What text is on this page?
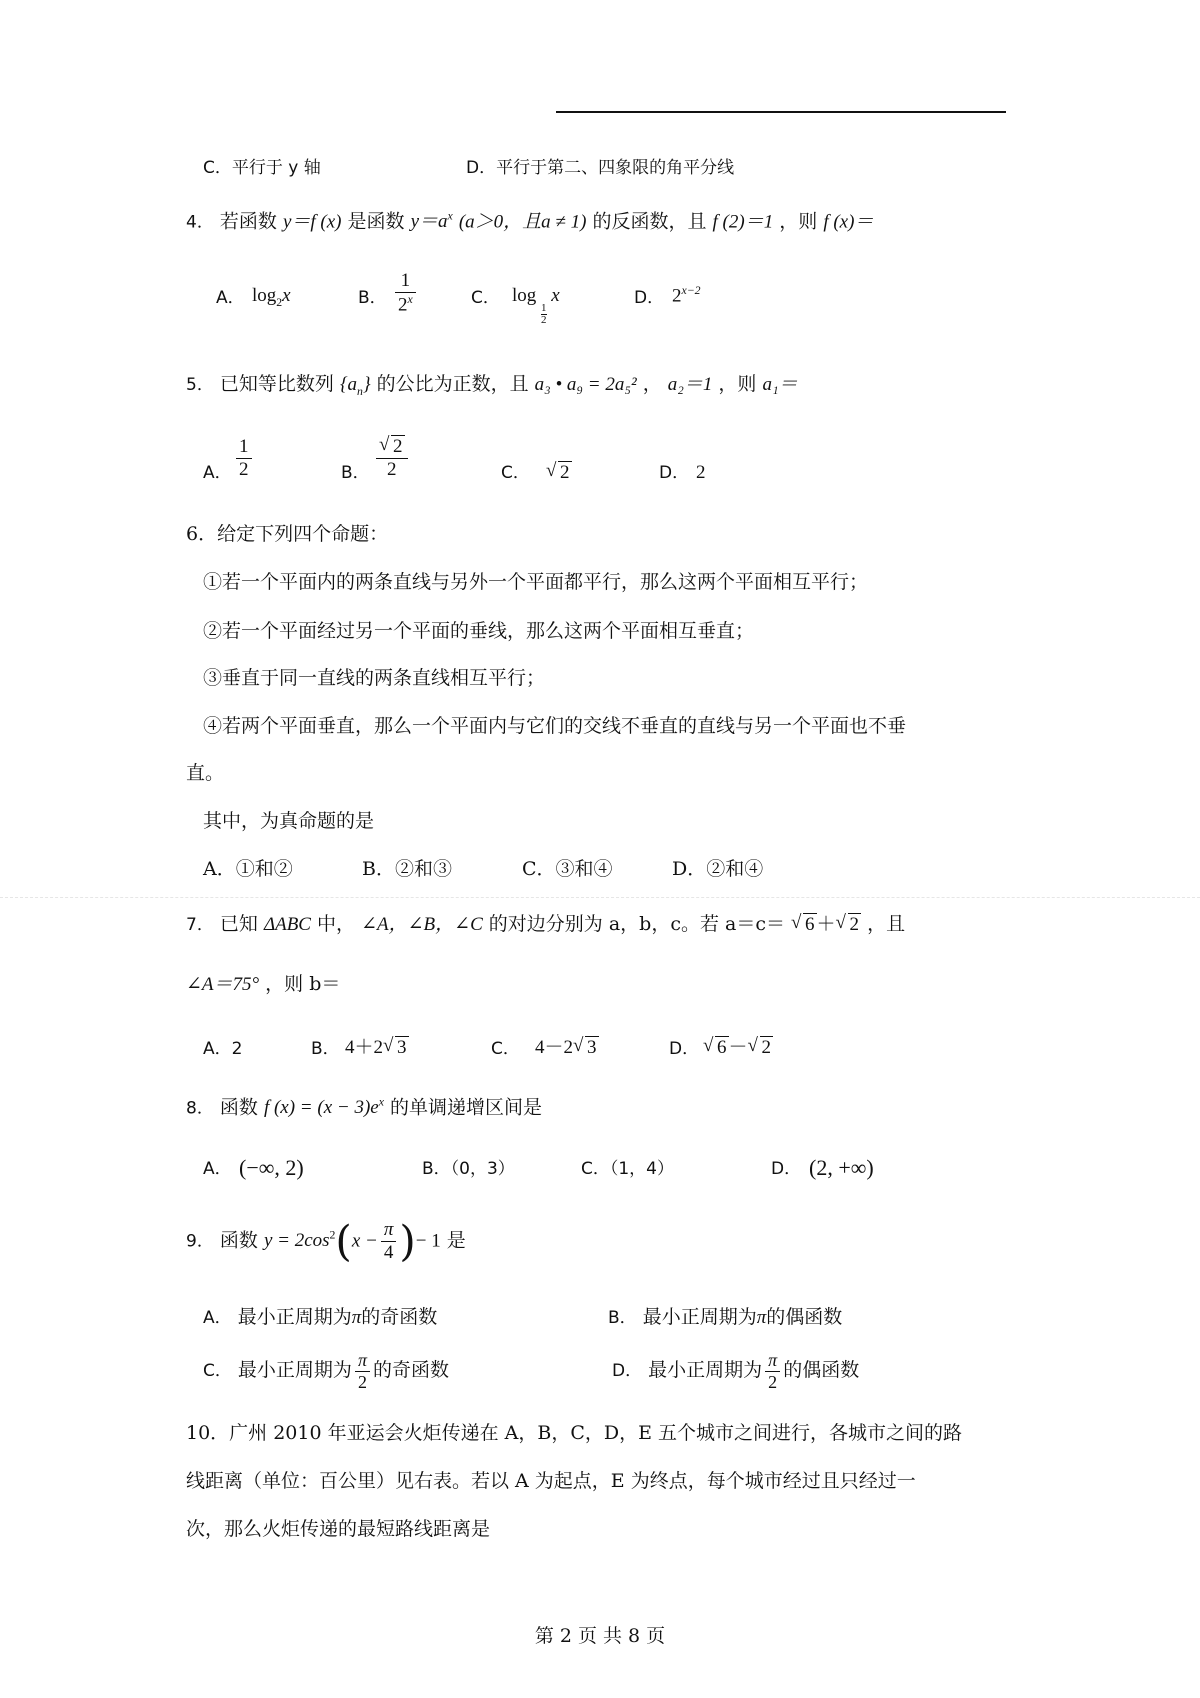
C．平行于 y 轴	D．平行于第二、四象限的角平分线
4． 若函数 y＝f (x) 是函数 $y=a^x$ (a＞0，且a ≠ 1) 的反函数，且 f (2)＝1 ，则 f (x)＝
A． $\log_2x$	B． $\frac{1}{2^x}$	C． log
$\frac{1}{2}$
x	D． $2^{x-2}$
5． 已知等比数列 $\{a_n\}$ 的公比为正数，且 a₃ • a₉ = 2a₅² ， a₂＝1 ，则 a₁＝
A． $\frac{1}{2}$	B． √ $\frac{2}{2}$	C．	√ 2	D． 2
6．给定下列四个命题：
①若一个平面内的两条直线与另外一个平面都平行，那么这两个平面相互平行；
②若一个平面经过另一个平面的垂线，那么这两个平面相互垂直；
③垂直于同一直线的两条直线相互平行；
④若两个平面垂直，那么一个平面内与它们的交线不垂直的直线与另一个平面也不垂
直。
其中，为真命题的是
A．①和②	B．②和③	C．③和④	D．②和④
7． 已知 ΔABC 中， ∠A，∠B，∠C 的对边分别为 a，b，c。若 a＝c＝ √ 6 ＋ √ 2 ，且
∠A＝75° ，则 b＝
A．2	B． 4＋2 √ 3	C． 4－2 √ 3	D． √ 6 － √ 2
8． 函数 f $(x) = (x - 3)e^x$ 的单调递增区间是
A． (−∞, 2)	B．（0，3）	C．（1，4）	D． (2, +∞)
9． 函数 $y = 2\cos^2(x - \frac{\pi}{4}$ )− 1 是
A． 最小正周期为π的奇函数	B． 最小正周期为π的偶函数
C． 最小正周期为 $\frac{\pi}{2}$ 的奇函数	D． 最小正周期为 $\frac{\pi}{2}$ 的偶函数
10．广州 2010 年亚运会火炬传递在 A，B，C，D，E 五个城市之间进行，各城市之间的路
线距离（单位：百公里）见右表。若以 A 为起点，E 为终点，每个城市经过且只经过一
次，那么火炬传递的最短路线距离是
第 2 页 共 8 页
